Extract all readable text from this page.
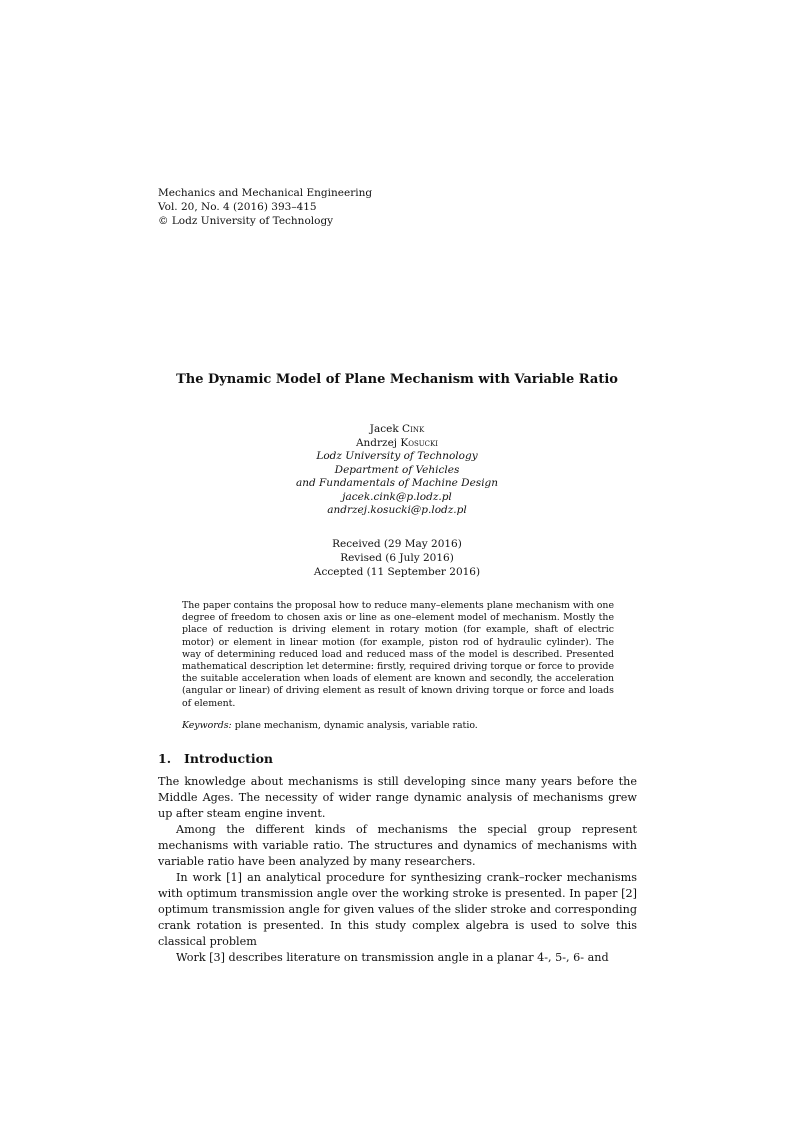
Mechanics and Mechanical Engineering
Vol. 20, No. 4 (2016) 393–415
© Lodz University of Technology
The Dynamic Model of Plane Mechanism with Variable Ratio
Jacek Cink
Andrzej Kosucki
Lodz University of Technology
Department of Vehicles
and Fundamentals of Machine Design
jacek.cink@p.lodz.pl
andrzej.kosucki@p.lodz.pl
Received (29 May 2016)
Revised (6 July 2016)
Accepted (11 September 2016)
The paper contains the proposal how to reduce many–elements plane mechanism with one degree of freedom to chosen axis or line as one–element model of mechanism. Mostly the place of reduction is driving element in rotary motion (for example, shaft of electric motor) or element in linear motion (for example, piston rod of hydraulic cylinder). The way of determining reduced load and reduced mass of the model is described. Presented mathematical description let determine: firstly, required driving torque or force to provide the suitable acceleration when loads of element are known and secondly, the acceleration (angular or linear) of driving element as result of known driving torque or force and loads of element.
Keywords: plane mechanism, dynamic analysis, variable ratio.
1. Introduction

The knowledge about mechanisms is still developing since many years before the Middle Ages. The necessity of wider range dynamic analysis of mechanisms grew up after steam engine invent.

Among the different kinds of mechanisms the special group represent mechanisms with variable ratio. The structures and dynamics of mechanisms with variable ratio have been analyzed by many researchers.

In work [1] an analytical procedure for synthesizing crank–rocker mechanisms with optimum transmission angle over the working stroke is presented. In paper [2] optimum transmission angle for given values of the slider stroke and corresponding crank rotation is presented. In this study complex algebra is used to solve this classical problem

Work [3] describes literature on transmission angle in a planar 4-, 5-, 6- and
